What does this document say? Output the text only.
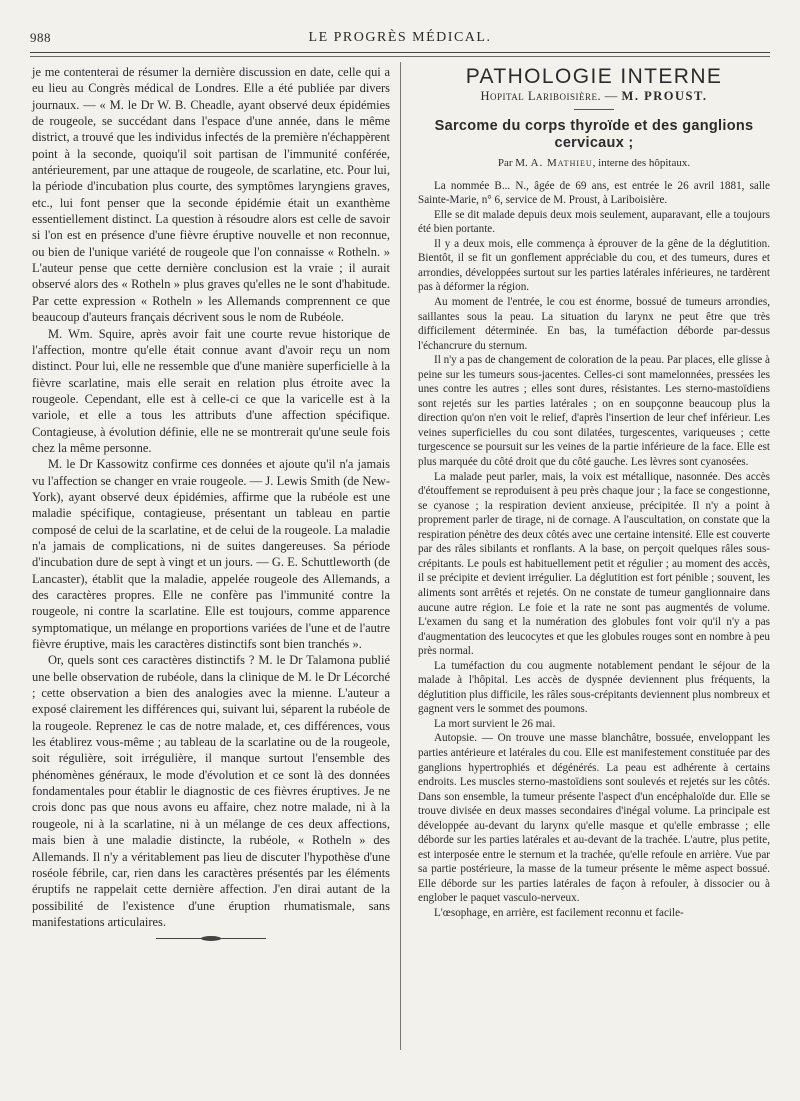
988	LE PROGRÈS MÉDICAL.

je me contenterai de résumer la dernière discussion en date, celle qui a eu lieu au Congrès médical de Londres. Elle a été publiée par divers journaux. — « M. le Dr W. B. Cheadle, ayant observé deux épidémies de rougeole, se succédant dans l'espace d'une année, dans le même district, a trouvé que les individus infectés de la première n'échappèrent point à la seconde, quoiqu'il soit partisan de l'immunité conférée, antérieurement, par une attaque de rougeole, de scarlatine, etc. Pour lui, la période d'incubation plus courte, des symptômes laryngiens graves, etc., lui font penser que la seconde épidémie était un exanthème essentiellement distinct. La question à résoudre alors est celle de savoir si l'on est en présence d'une fièvre éruptive nouvelle et non reconnue, ou bien de l'unique variété de rougeole que l'on connaisse « Rotheln. » L'auteur pense que cette dernière conclusion est la vraie ; il aurait observé alors des « Rotheln » plus graves qu'elles ne le sont d'habitude. Par cette expression « Rotheln » les Allemands comprennent ce que beaucoup d'auteurs français décrivent sous le nom de Rubéole.

M. Wm. Squire, après avoir fait une courte revue historique de l'affection, montre qu'elle était connue avant d'avoir reçu un nom distinct. Pour lui, elle ne ressemble que d'une manière superficielle à la fièvre scarlatine, mais elle serait en relation plus étroite avec la rougeole. Cependant, elle est à celle-ci ce que la varicelle est à la variole, et elle a tous les attributs d'une affection spécifique. Contagieuse, à évolution définie, elle ne se montrerait qu'une seule fois chez la même personne.

M. le Dr Kassowitz confirme ces données et ajoute qu'il n'a jamais vu l'affection se changer en vraie rougeole. — J. Lewis Smith (de New-York), ayant observé deux épidémies, affirme que la rubéole est une maladie spécifique, contagieuse, présentant un tableau en partie composé de celui de la scarlatine, et de celui de la rougeole. La maladie n'a jamais de complications, ni de suites dangereuses. Sa période d'incubation dure de sept à vingt et un jours. — G. E. Schuttleworth (de Lancaster), établit que la maladie, appelée rougeole des Allemands, a des caractères propres. Elle ne confère pas l'immunité contre la rougeole, ni contre la scarlatine. Elle est toujours, comme apparence symptomatique, un mélange en proportions variées de l'une et de l'autre fièvre éruptive, mais les caractères distinctifs sont bien tranchés ».

Or, quels sont ces caractères distinctifs ? M. le Dr Talamona publié une belle observation de rubéole, dans la clinique de M. le Dr Lécorché ; cette observation a bien des analogies avec la mienne. L'auteur a exposé clairement les différences qui, suivant lui, séparent la rubéole de la rougeole. Reprenez le cas de notre malade, et, ces différences, vous les établirez vous-même ; au tableau de la scarlatine ou de la rougeole, soit régulière, soit irrégulière, il manque surtout l'ensemble des phénomènes généraux, le mode d'évolution et ce sont là des données fondamentales pour établir le diagnostic de ces fièvres éruptives. Je ne crois donc pas que nous avons eu affaire, chez notre malade, ni à la rougeole, ni à la scarlatine, ni à un mélange de ces deux affections, mais bien à une maladie distincte, la rubéole, « Rotheln » des Allemands. Il n'y a véritablement pas lieu de discuter l'hypothèse d'une roséole fébrile, car, rien dans les caractères présentés par les éléments éruptifs ne rappelait cette dernière affection. J'en dirai autant de la possibilité de l'existence d'une éruption rhumatismale, sans manifestations articulaires.

PATHOLOGIE INTERNE
Hopital Lariboisière. — M. PROUST.
Sarcome du corps thyroïde et des ganglions cervicaux ;
Par M. A. Mathieu, interne des hôpitaux.

La nommée B... N., âgée de 69 ans, est entrée le 26 avril 1881, salle Sainte-Marie, n° 6, service de M. Proust, à Lariboisière.

Elle se dit malade depuis deux mois seulement, auparavant, elle a toujours été bien portante.

Il y a deux mois, elle commença à éprouver de la gêne de la déglutition. Bientôt, il se fit un gonflement appréciable du cou, et des tumeurs, dures et arrondies, développées surtout sur les parties latérales inférieures, ne tardèrent pas à déformer la région.

Au moment de l'entrée, le cou est énorme, bossué de tumeurs arrondies, saillantes sous la peau. La situation du larynx ne peut être que très difficilement déterminée. En bas, la tuméfaction déborde par-dessus l'échancrure du sternum.

Il n'y a pas de changement de coloration de la peau. Par places, elle glisse à peine sur les tumeurs sous-jacentes. Celles-ci sont mamelonnées, pressées les unes contre les autres ; elles sont dures, résistantes. Les sterno-mastoïdiens sont rejetés sur les parties latérales ; on en soupçonne beaucoup plus la direction qu'on n'en voit le relief, d'après l'insertion de leur chef inférieur. Les veines superficielles du cou sont dilatées, turgescentes, variqueuses ; cette turgescence se poursuit sur les veines de la partie inférieure de la face. Elle est plus marquée du côté droit que du côté gauche. Les lèvres sont cyanosées.

La malade peut parler, mais, la voix est métallique, nasonnée. Des accès d'étouffement se reproduisent à peu près chaque jour ; la face se congestionne, se cyanose ; la respiration devient anxieuse, précipitée. Il n'y a point à proprement parler de tirage, ni de cornage. A l'auscultation, on constate que la respiration pénètre des deux côtés avec une certaine intensité. Elle est couverte par des râles sibilants et ronflants. A la base, on perçoit quelques râles sous-crépitants. Le pouls est habituellement petit et régulier ; au moment des accès, il se précipite et devient irrégulier. La déglutition est fort pénible ; souvent, les aliments sont arrêtés et rejetés. On ne constate de tumeur ganglionnaire dans aucune autre région. Le foie et la rate ne sont pas augmentés de volume. L'examen du sang et la numération des globules font voir qu'il n'y a pas d'augmentation des leucocytes et que les globules rouges sont en nombre à peu près normal.

La tuméfaction du cou augmente notablement pendant le séjour de la malade à l'hôpital. Les accès de dyspnée deviennent plus fréquents, la déglutition plus difficile, les râles sous-crépitants deviennent plus nombreux et gagnent vers le sommet des poumons.

La mort survient le 26 mai.

Autopsie. — On trouve une masse blanchâtre, bossuée, enveloppant les parties antérieure et latérales du cou. Elle est manifestement constituée par des ganglions hypertrophiés et dégénérés. La peau est adhérente à certains endroits. Les muscles sterno-mastoïdiens sont soulevés et rejetés sur les côtés. Dans son ensemble, la tumeur présente l'aspect d'un encéphaloïde dur. Elle se trouve divisée en deux masses secondaires d'inégal volume. La principale est développée au-devant du larynx qu'elle masque et qu'elle embrasse ; elle déborde sur les parties latérales et au-devant de la trachée. L'autre, plus petite, est interposée entre le sternum et la trachée, qu'elle refoule en arrière. Vue par sa partie postérieure, la masse de la tumeur présente le même aspect bossué. Elle déborde sur les parties latérales de façon à refouler, à dissocier ou à englober le paquet vasculo-nerveux.

L'œsophage, en arrière, est facilement reconnu et facile-
